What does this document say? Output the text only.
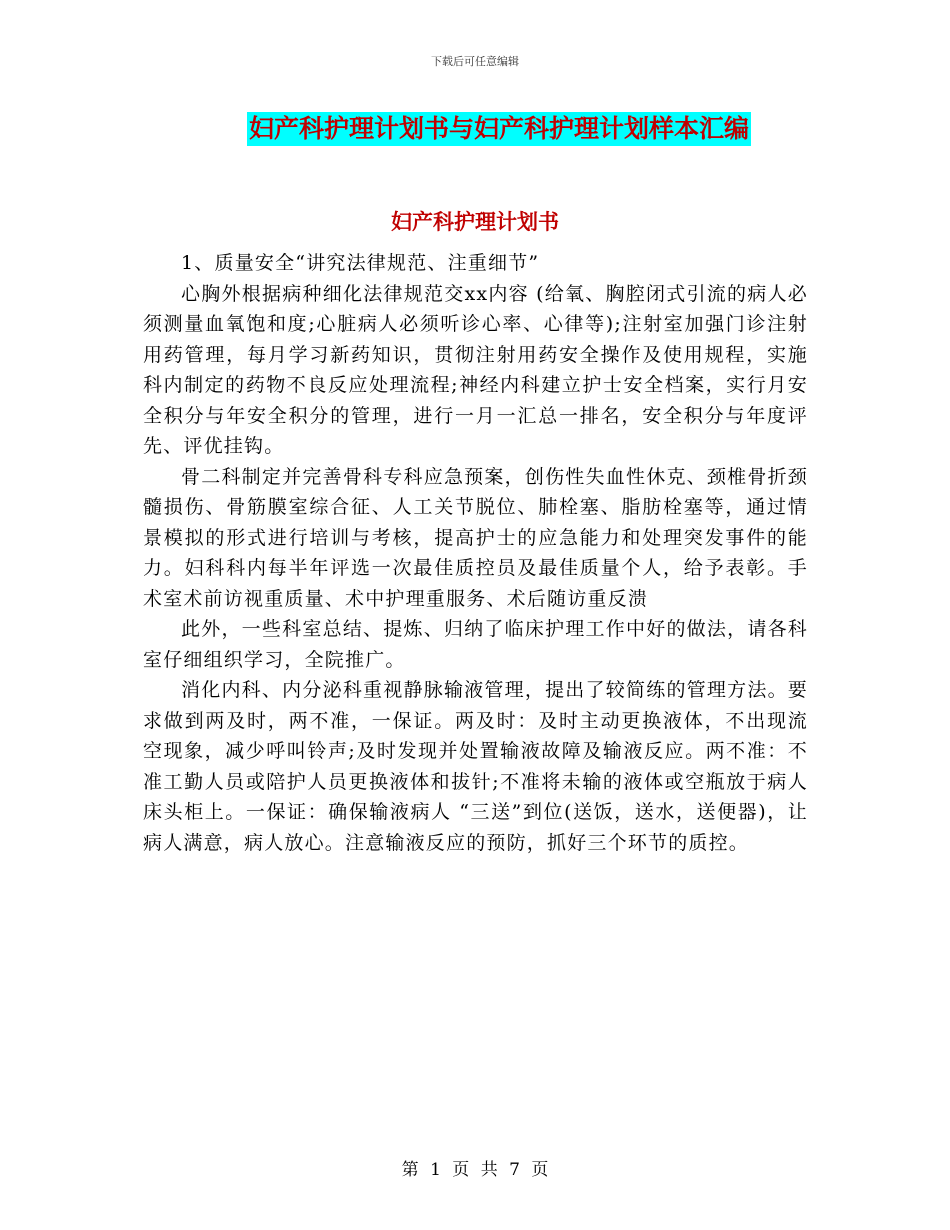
下载后可任意编辑
妇产科护理计划书与妇产科护理计划样本汇编
妇产科护理计划书

1、质量安全“讲究法律规范、注重细节”

心胸外根据病种细化法律规范交xx内容 (给氧、胸腔闭式引流的病人必须测量血氧饱和度;心脏病人必须听诊心率、心律等);注射室加强门诊注射用药管理，每月学习新药知识，贯彻注射用药安全操作及使用规程，实施科内制定的药物不良反应处理流程;神经内科建立护士安全档案，实行月安全积分与年安全积分的管理，进行一月一汇总一排名，安全积分与年度评先、评优挂钩。

骨二科制定并完善骨科专科应急预案，创伤性失血性休克、颈椎骨折颈髓损伤、骨筋膜室综合征、人工关节脱位、肺栓塞、脂肪栓塞等，通过情景模拟的形式进行培训与考核，提高护士的应急能力和处理突发事件的能力。妇科科内每半年评选一次最佳质控员及最佳质量个人，给予表彰。手术室术前访视重质量、术中护理重服务、术后随访重反溃

此外，一些科室总结、提炼、归纳了临床护理工作中好的做法，请各科室仔细组织学习，全院推广。

消化内科、内分泌科重视静脉输液管理，提出了较简练的管理方法。要求做到两及时，两不准，一保证。两及时：及时主动更换液体，不出现流空现象，减少呼叫铃声;及时发现并处置输液故障及输液反应。两不准：不准工勤人员或陪护人员更换液体和拔针;不准将未输的液体或空瓶放于病人床头柜上。一保证：确保输液病人 “三送”到位(送饭，送水，送便器)，让病人满意，病人放心。注意输液反应的预防，抓好三个环节的质控。

第 1 页 共 7 页
